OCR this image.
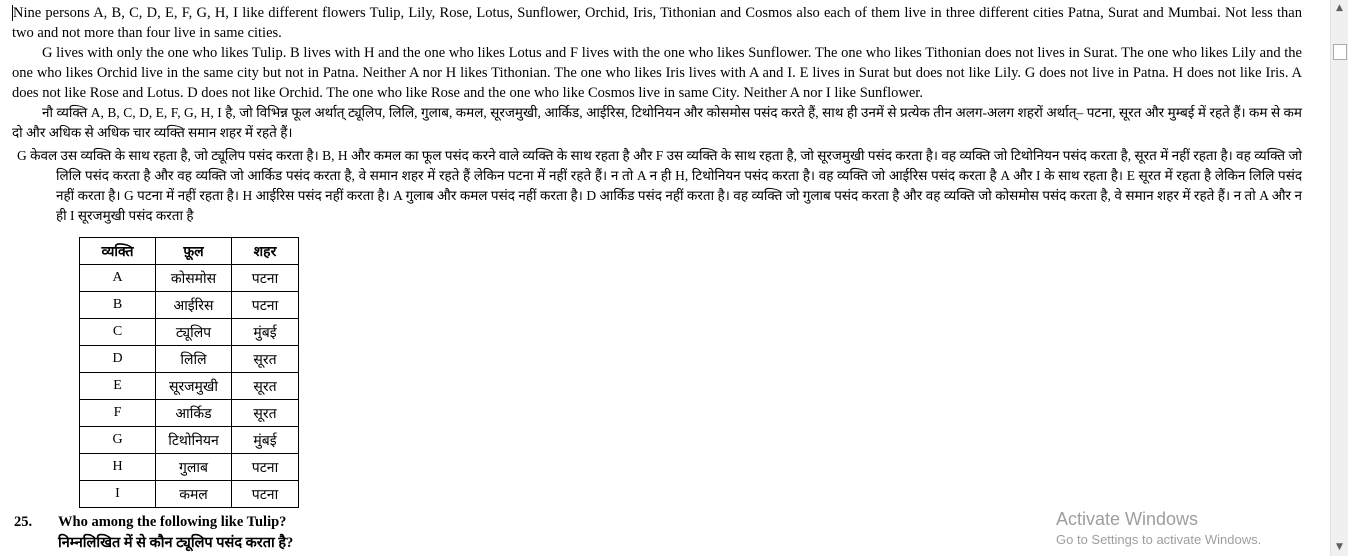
Nine persons A, B, C, D, E, F, G, H, I like different flowers Tulip, Lily, Rose, Lotus, Sunflower, Orchid, Iris, Tithonian and Cosmos also each of them live in three different cities Patna, Surat and Mumbai. Not less than two and not more than four live in same cities.

G lives with only the one who likes Tulip. B lives with H and the one who likes Lotus and F lives with the one who likes Sunflower. The one who likes Tithonian does not lives in Surat. The one who likes Lily and the one who likes Orchid live in the same city but not in Patna. Neither A nor H likes Tithonian. The one who likes Iris lives with A and I. E lives in Surat but does not like Lily. G does not live in Patna. H does not like Iris. A does not like Rose and Lotus. D does not like Orchid. The one who like Rose and the one who like Cosmos live in same City. Neither A nor I like Sunflower.

नौ व्यक्ति A, B, C, D, E, F, G, H, I है, जो विभिन्न फूल अर्थात् ट्यूलिप, लिलि, गुलाब, कमल, सूरजमुखी, आर्किड, आईरिस, टिथोनियन और कोसमोस पसंद करते हैं, साथ ही उनमें से प्रत्येक तीन अलग-अलग शहरों अर्थात्– पटना, सूरत और मुम्बई में रहते हैं। कम से कम दो और अधिक से अधिक चार व्यक्ति समान शहर में रहते हैं।

G केवल उस व्यक्ति के साथ रहता है, जो ट्यूलिप पसंद करता है। B, H और कमल का फूल पसंद करने वाले व्यक्ति के साथ रहता है और F उस व्यक्ति के साथ रहता है, जो सूरजमुखी पसंद करता है। वह व्यक्ति जो टिथोनियन पसंद करता है, सूरत में नहीं रहता है। वह व्यक्ति जो लिलि पसंद करता है और वह व्यक्ति जो आर्किड पसंद करता है, वे समान शहर में रहते हैं लेकिन पटना में नहीं रहते हैं। न तो A न ही H, टिथोनियन पसंद करता है। वह व्यक्ति जो आईरिस पसंद करता है A और I के साथ रहता है। E सूरत में रहता है लेकिन लिलि पसंद नहीं करता है। G पटना में नहीं रहता है। H आईरिस पसंद नहीं करता है। A गुलाब और कमल पसंद नहीं करता है। D आर्किड पसंद नहीं करता है। वह व्यक्ति जो गुलाब पसंद करता है और वह व्यक्ति जो कोसमोस पसंद करता है, वे समान शहर में रहते हैं। न तो A और न ही I सूरजमुखी पसंद करता है

व्यक्ति	फ़ूल	शहर
A	कोसमोस	पटना
B	आईरिस	पटना
C	ट्यूलिप	मुंबई
D	लिलि	सूरत
E	सूरजमुखी	सूरत
F	आर्किड	सूरत
G	टिथोनियन	मुंबई
H	गुलाब	पटना
I	कमल	पटना
25. Who among the following like Tulip?
निम्नलिखित में से कौन ट्यूलिप पसंद करता है?
Activate Windows
Go to Settings to activate Windows.
▲
▼
